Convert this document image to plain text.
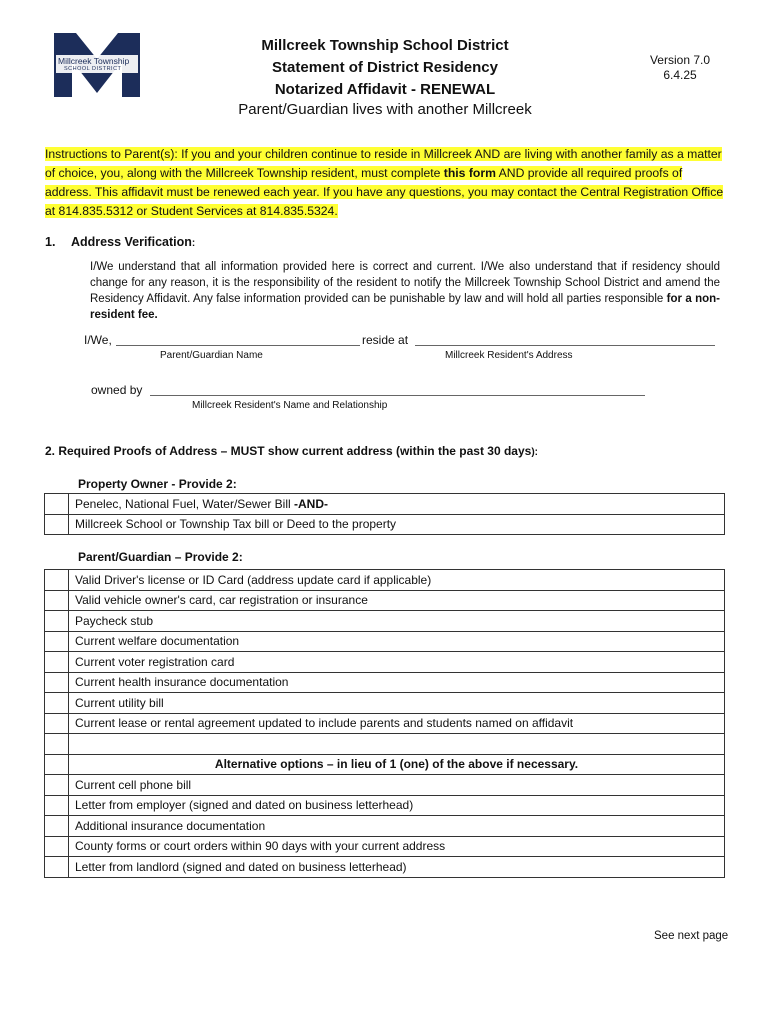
Millcreek Township
SCHOOL DISTRICT
Millcreek Township School District
Statement of District Residency
Notarized Affidavit - RENEWAL
Parent/Guardian lives with another Millcreek
Version 7.0
6.4.25
Instructions to Parent(s): If you and your children continue to reside in Millcreek AND are living with another family as a matter of choice, you, along with the Millcreek Township resident, must complete this form AND provide all required proofs of address. This affidavit must be renewed each year. If you have any questions, you may contact the Central Registration Office at 814.835.5312 or Student Services at 814.835.5324.
1. Address Verification:
I/We understand that all information provided here is correct and current. I/We also understand that if residency should change for any reason, it is the responsibility of the resident to notify the Millcreek Township School District and amend the Residency Affidavit. Any false information provided can be punishable by law and will hold all parties responsible for a non-resident fee.
I/We,	reside at
Parent/Guardian Name	Millcreek Resident's Address
owned by
Millcreek Resident's Name and Relationship
2. Required Proofs of Address – MUST show current address (within the past 30 days):
Property Owner - Provide 2:
	Penelec, National Fuel, Water/Sewer Bill -AND-
	Millcreek School or Township Tax bill or Deed to the property
Parent/Guardian – Provide 2:
	Valid Driver's license or ID Card (address update card if applicable)
	Valid vehicle owner's card, car registration or insurance
	Paycheck stub
	Current welfare documentation
	Current voter registration card
	Current health insurance documentation
	Current utility bill
	Current lease or rental agreement updated to include parents and students named on affidavit

	Alternative options – in lieu of 1 (one) of the above if necessary.
	Current cell phone bill
	Letter from employer (signed and dated on business letterhead)
	Additional insurance documentation
	County forms or court orders within 90 days with your current address
	Letter from landlord (signed and dated on business letterhead)
See next page
